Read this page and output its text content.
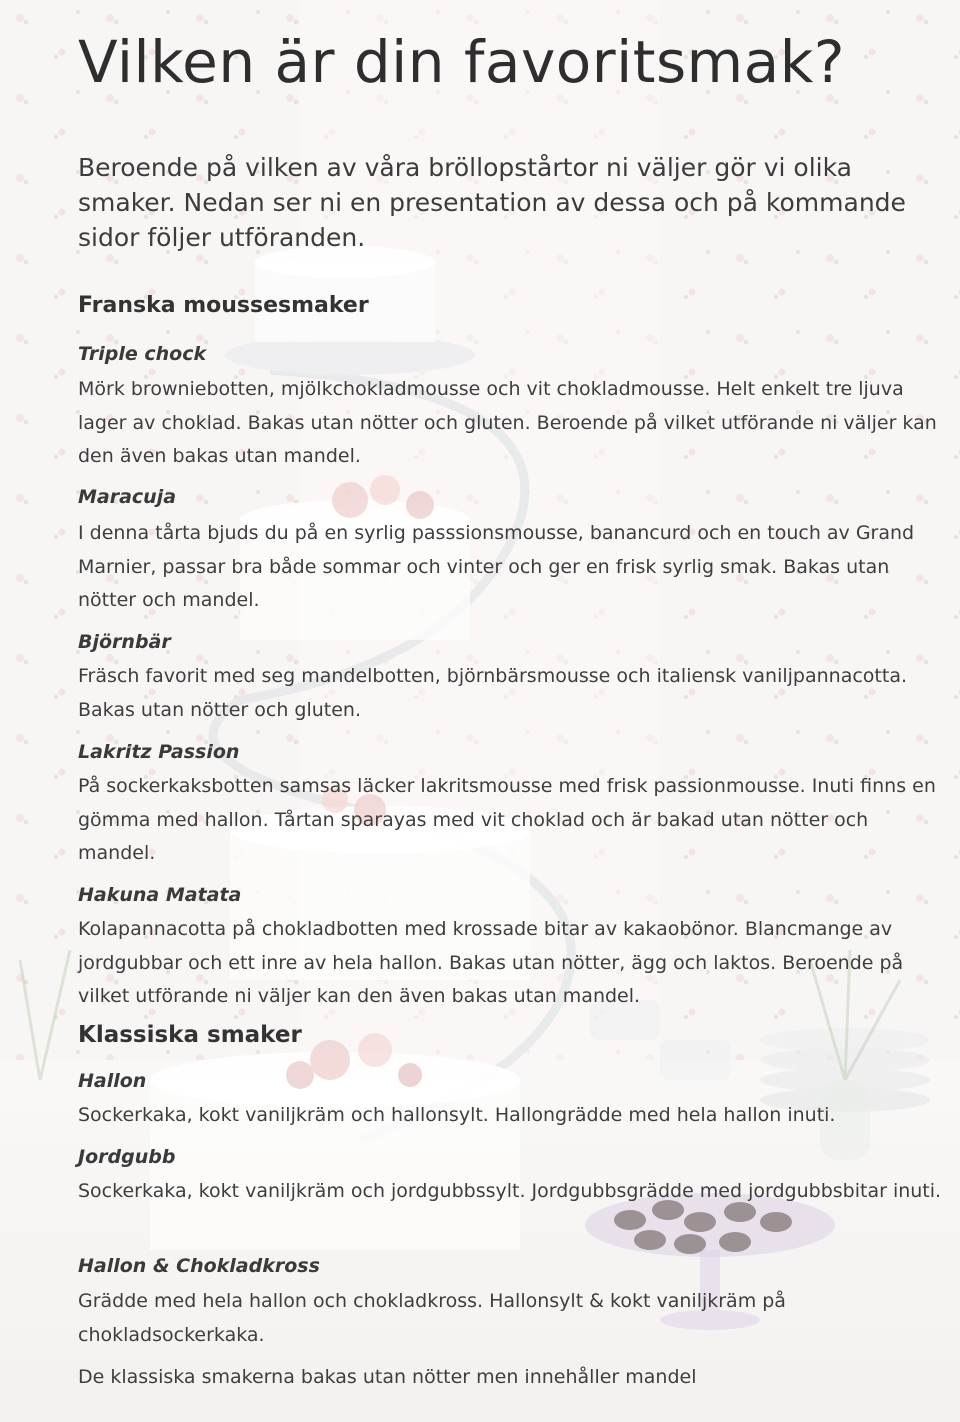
Vilken är din favoritsmak?

Beroende på vilken av våra bröllopstårtor ni väljer gör vi olika smaker. Nedan ser ni en presentation av dessa och på kommande sidor följer utföranden.

Franska moussesmaker
Triple chock
Mörk browniebotten, mjölkchokladmousse och vit chokladmousse. Helt enkelt tre ljuva lager av choklad. Bakas utan nötter och gluten. Beroende på vilket utförande ni väljer kan den även bakas utan mandel.
Maracuja
I denna tårta bjuds du på en syrlig passsionsmousse, banancurd och en touch av Grand Marnier, passar bra både sommar och vinter och ger en frisk syrlig smak. Bakas utan nötter och mandel.
Björnbär
Fräsch favorit med seg mandelbotten, björnbärsmousse och italiensk vaniljpannacotta. Bakas utan nötter och gluten.
Lakritz Passion
På sockerkaksbotten samsas läcker lakritsmousse med frisk passionmousse. Inuti finns en gömma med hallon. Tårtan sparayas med vit choklad och är bakad utan nötter och mandel.
Hakuna Matata
Kolapannacotta på chokladbotten med krossade bitar av kakaobönor. Blancmange av jordgubbar och ett inre av hela hallon. Bakas utan nötter, ägg och laktos. Beroende på vilket utförande ni väljer kan den även bakas utan mandel.
Klassiska smaker
Hallon
Sockerkaka, kokt vaniljkräm och hallonsylt. Hallongrädde med hela hallon inuti.
Jordgubb
Sockerkaka, kokt vaniljkräm och jordgubbssylt. Jordgubbsgrädde med jordgubbsbitar inuti.
Hallon & Chokladkross
Grädde med hela hallon och chokladkross. Hallonsylt & kokt vaniljkräm på chokladsockerkaka.
De klassiska smakerna bakas utan nötter men innehåller mandel
